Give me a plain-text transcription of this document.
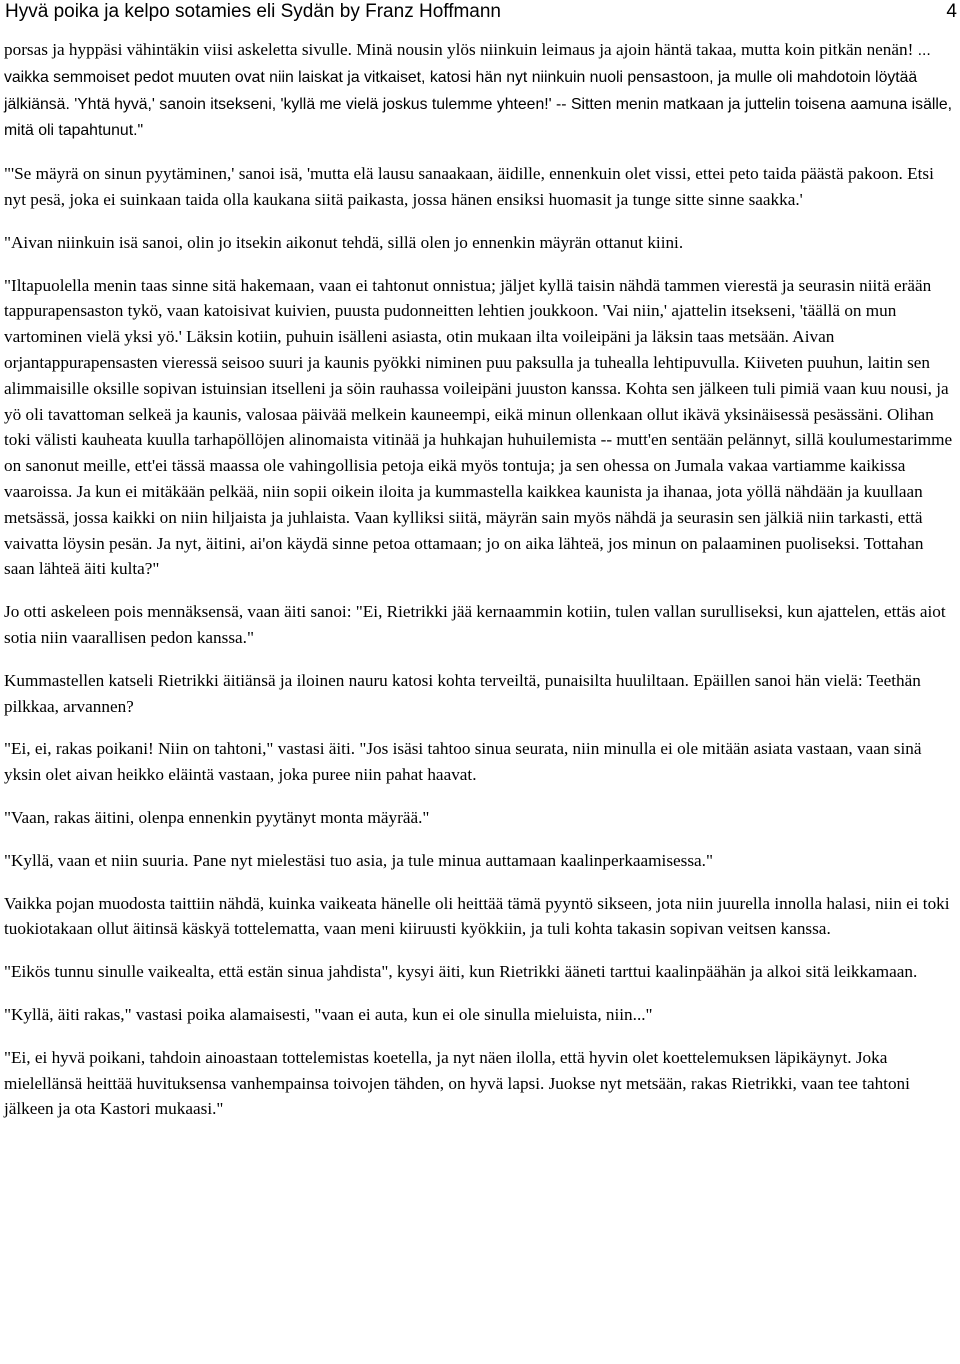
Hyvä poika ja kelpo sotamies eli Sydän by Franz Hoffmann	4

porsas ja hyppäsi vähintäkin viisi askeletta sivulle. Minä nousin ylös niinkuin leimaus ja ajoin häntä takaa, mutta koin pitkän nenän! ... vaikka semmoiset pedot muuten ovat niin laiskat ja vitkaiset, katosi hän nyt niinkuin nuoli pensastoon, ja mulle oli mahdotoin löytää jälkiänsä. 'Yhtä hyvä,' sanoin itsekseni, 'kyllä me vielä joskus tulemme yhteen!' -- Sitten menin matkaan ja juttelin toisena aamuna isälle, mitä oli tapahtunut."

"'Se mäyrä on sinun pyytäminen,' sanoi isä, 'mutta elä lausu sanaakaan, äidille, ennenkuin olet vissi, ettei peto taida päästä pakoon. Etsi nyt pesä, joka ei suinkaan taida olla kaukana siitä paikasta, jossa hänen ensiksi huomasit ja tunge sitte sinne saakka.'

"Aivan niinkuin isä sanoi, olin jo itsekin aikonut tehdä, sillä olen jo ennenkin mäyrän ottanut kiini.

"Iltapuolella menin taas sinne sitä hakemaan, vaan ei tahtonut onnistua; jäljet kyllä taisin nähdä tammen vierestä ja seurasin niitä erään tappurapensaston tykö, vaan katoisivat kuivien, puusta pudonneitten lehtien joukkoon. 'Vai niin,' ajattelin itsekseni, 'täällä on mun vartominen vielä yksi yö.' Läksin kotiin, puhuin isälleni asiasta, otin mukaan ilta voileipäni ja läksin taas metsään. Aivan orjantappurapensasten vieressä seisoo suuri ja kaunis pyökki niminen puu paksulla ja tuhealla lehtipuvulla. Kiiveten puuhun, laitin sen alimmaisille oksille sopivan istuinsian itselleni ja söin rauhassa voileipäni juuston kanssa. Kohta sen jälkeen tuli pimiä vaan kuu nousi, ja yö oli tavattoman selkeä ja kaunis, valosaa päivää melkein kauneempi, eikä minun ollenkaan ollut ikävä yksinäisessä pesässäni. Olihan toki välisti kauheata kuulla tarhapöllöjen alinomaista vitinää ja huhkajan huhuilemista -- mutt'en sentään pelännyt, sillä koulumestarimme on sanonut meille, ett'ei tässä maassa ole vahingollisia petoja eikä myös tontuja; ja sen ohessa on Jumala vakaa vartiamme kaikissa vaaroissa. Ja kun ei mitäkään pelkää, niin sopii oikein iloita ja kummastella kaikkea kaunista ja ihanaa, jota yöllä nähdään ja kuullaan metsässä, jossa kaikki on niin hiljaista ja juhlaista. Vaan kylliksi siitä, mäyrän sain myös nähdä ja seurasin sen jälkiä niin tarkasti, että vaivatta löysin pesän. Ja nyt, äitini, ai'on käydä sinne petoa ottamaan; jo on aika lähteä, jos minun on palaaminen puoliseksi. Tottahan saan lähteä äiti kulta?"

Jo otti askeleen pois mennäksensä, vaan äiti sanoi: "Ei, Rietrikki jää kernaammin kotiin, tulen vallan surulliseksi, kun ajattelen, ettäs aiot sotia niin vaarallisen pedon kanssa."

Kummastellen katseli Rietrikki äitiänsä ja iloinen nauru katosi kohta terveiltä, punaisilta huuliltaan. Epäillen sanoi hän vielä: Teethän pilkkaa, arvannen?

"Ei, ei, rakas poikani! Niin on tahtoni," vastasi äiti. "Jos isäsi tahtoo sinua seurata, niin minulla ei ole mitään asiata vastaan, vaan sinä yksin olet aivan heikko eläintä vastaan, joka puree niin pahat haavat.

"Vaan, rakas äitini, olenpa ennenkin pyytänyt monta mäyrää."

"Kyllä, vaan et niin suuria. Pane nyt mielestäsi tuo asia, ja tule minua auttamaan kaalinperkaamisessa."

Vaikka pojan muodosta taittiin nähdä, kuinka vaikeata hänelle oli heittää tämä pyyntö sikseen, jota niin juurella innolla halasi, niin ei toki tuokiotakaan ollut äitinsä käskyä tottelematta, vaan meni kiiruusti kyökkiin, ja tuli kohta takasin sopivan veitsen kanssa.

"Eikös tunnu sinulle vaikealta, että estän sinua jahdista", kysyi äiti, kun Rietrikki ääneti tarttui kaalinpäähän ja alkoi sitä leikkamaan.

"Kyllä, äiti rakas," vastasi poika alamaisesti, "vaan ei auta, kun ei ole sinulla mieluista, niin..."

"Ei, ei hyvä poikani, tahdoin ainoastaan tottelemistas koetella, ja nyt näen ilolla, että hyvin olet koettelemuksen läpikäynyt. Joka mielellänsä heittää huvituksensa vanhempainsa toivojen tähden, on hyvä lapsi. Juokse nyt metsään, rakas Rietrikki, vaan tee tahtoni jälkeen ja ota Kastori mukaasi."
